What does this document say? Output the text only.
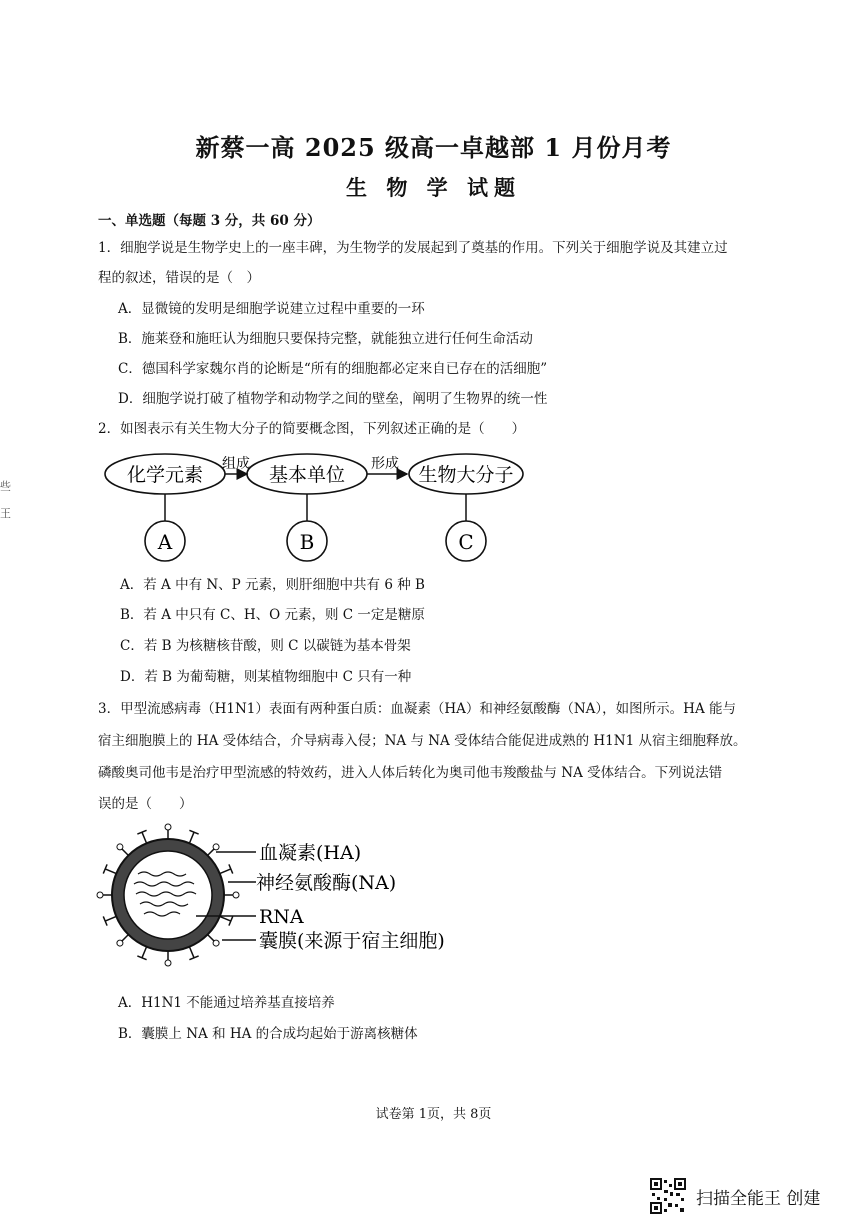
新蔡一高 2025 级高一卓越部 1 月份月考
生 物 学 试题
一、单选题（每题 3 分，共 60 分）
1．细胞学说是生物学史上的一座丰碑，为生物学的发展起到了奠基的作用。下列关于细胞学说及其建立过
程的叙述，错误的是（　）
A．显微镜的发明是细胞学说建立过程中重要的一环
B．施莱登和施旺认为细胞只要保持完整，就能独立进行任何生命活动
C．德国科学家魏尔肖的论断是“所有的细胞都必定来自已存在的活细胞”
D．细胞学说打破了植物学和动物学之间的壁垒，阐明了生物界的统一性
2．如图表示有关生物大分子的简要概念图，下列叙述正确的是（　　）
化学元素 组成 基本单位 形成 生物大分子
A	B	C
A．若 A 中有 N、P 元素，则肝细胞中共有 6 种 B
B．若 A 中只有 C、H、O 元素，则 C 一定是糖原
C．若 B 为核糖核苷酸，则 C 以碳链为基本骨架
D．若 B 为葡萄糖，则某植物细胞中 C 只有一种
3．甲型流感病毒（H1N1）表面有两种蛋白质：血凝素（HA）和神经氨酸酶（NA），如图所示。HA 能与
宿主细胞膜上的 HA 受体结合，介导病毒入侵；NA 与 NA 受体结合能促进成熟的 H1N1 从宿主细胞释放。
磷酸奥司他韦是治疗甲型流感的特效药，进入人体后转化为奥司他韦羧酸盐与 NA 受体结合。下列说法错
误的是（　　）
血凝素(HA)
神经氨酸酶(NA)
RNA
囊膜(来源于宿主细胞)
A．H1N1 不能通过培养基直接培养
B．囊膜上 NA 和 HA 的合成均起始于游离核糖体
试卷第 1页，共 8页
些
王
扫描全能王 创建
